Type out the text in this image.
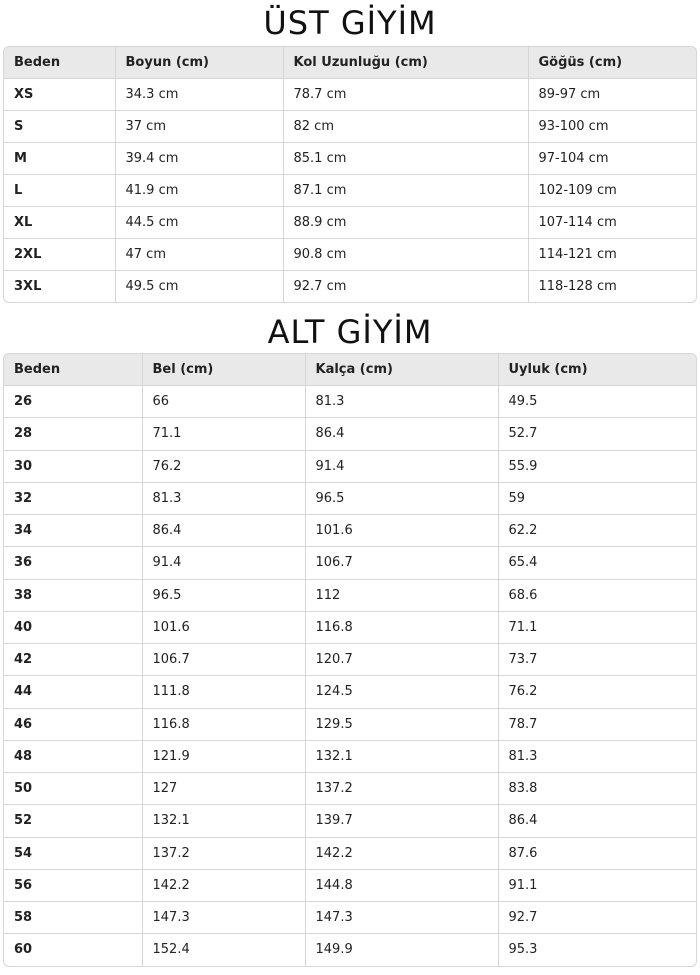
ÜST GİYİM
Beden	Boyun (cm)	Kol Uzunluğu (cm)	Göğüs (cm)
XS	34.3 cm	78.7 cm	89-97 cm
S	37 cm	82 cm	93-100 cm
M	39.4 cm	85.1 cm	97-104 cm
L	41.9 cm	87.1 cm	102-109 cm
XL	44.5 cm	88.9 cm	107-114 cm
2XL	47 cm	90.8 cm	114-121 cm
3XL	49.5 cm	92.7 cm	118-128 cm
ALT GİYİM
Beden	Bel (cm)	Kalça (cm)	Uyluk (cm)
26	66	81.3	49.5
28	71.1	86.4	52.7
30	76.2	91.4	55.9
32	81.3	96.5	59
34	86.4	101.6	62.2
36	91.4	106.7	65.4
38	96.5	112	68.6
40	101.6	116.8	71.1
42	106.7	120.7	73.7
44	111.8	124.5	76.2
46	116.8	129.5	78.7
48	121.9	132.1	81.3
50	127	137.2	83.8
52	132.1	139.7	86.4
54	137.2	142.2	87.6
56	142.2	144.8	91.1
58	147.3	147.3	92.7
60	152.4	149.9	95.3
